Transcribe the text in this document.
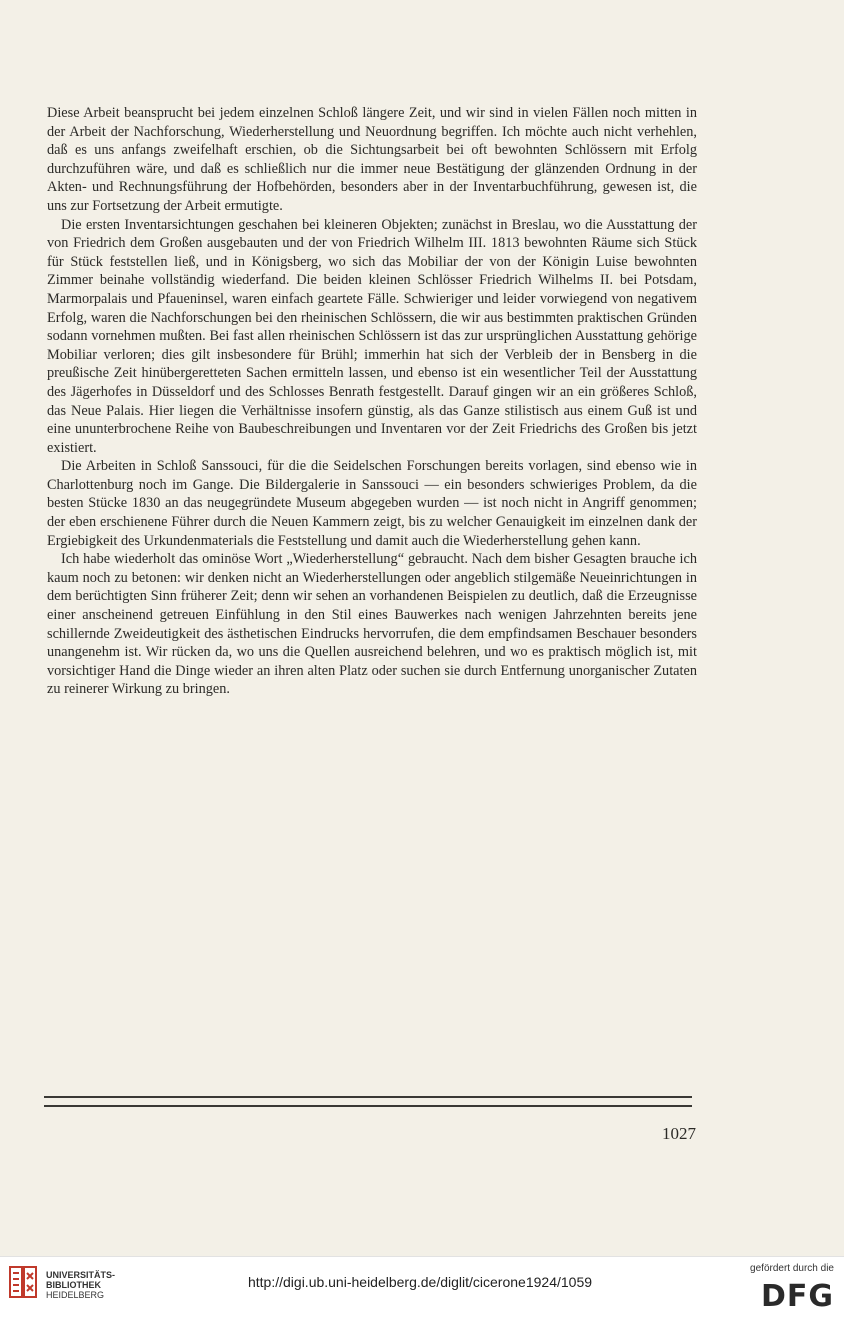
Diese Arbeit beansprucht bei jedem einzelnen Schloß längere Zeit, und wir sind in vielen Fällen noch mitten in der Arbeit der Nachforschung, Wiederherstellung und Neuordnung begriffen. Ich möchte auch nicht verhehlen, daß es uns anfangs zweifelhaft erschien, ob die Sichtungsarbeit bei oft bewohnten Schlössern mit Erfolg durchzuführen wäre, und daß es schließlich nur die immer neue Bestätigung der glänzenden Ordnung in der Akten- und Rechnungsführung der Hofbehörden, besonders aber in der Inventarbuchführung, gewesen ist, die uns zur Fortsetzung der Arbeit ermutigte.

Die ersten Inventarsichtungen geschahen bei kleineren Objekten; zunächst in Breslau, wo die Ausstattung der von Friedrich dem Großen ausgebauten und der von Friedrich Wilhelm III. 1813 bewohnten Räume sich Stück für Stück feststellen ließ, und in Königsberg, wo sich das Mobiliar der von der Königin Luise bewohnten Zimmer beinahe vollständig wiederfand. Die beiden kleinen Schlösser Friedrich Wilhelms II. bei Potsdam, Marmorpalais und Pfaueninsel, waren einfach geartete Fälle. Schwieriger und leider vorwiegend von negativem Erfolg, waren die Nachforschungen bei den rheinischen Schlössern, die wir aus bestimmten praktischen Gründen sodann vornehmen mußten. Bei fast allen rheinischen Schlössern ist das zur ursprünglichen Ausstattung gehörige Mobiliar verloren; dies gilt insbesondere für Brühl; immerhin hat sich der Verbleib der in Bensberg in die preußische Zeit hinübergeretteten Sachen ermitteln lassen, und ebenso ist ein wesentlicher Teil der Ausstattung des Jägerhofes in Düsseldorf und des Schlosses Benrath festgestellt. Darauf gingen wir an ein größeres Schloß, das Neue Palais. Hier liegen die Verhältnisse insofern günstig, als das Ganze stilistisch aus einem Guß ist und eine ununterbrochene Reihe von Baubeschreibungen und Inventaren vor der Zeit Friedrichs des Großen bis jetzt existiert.

Die Arbeiten in Schloß Sanssouci, für die die Seidelschen Forschungen bereits vorlagen, sind ebenso wie in Charlottenburg noch im Gange. Die Bildergalerie in Sanssouci — ein besonders schwieriges Problem, da die besten Stücke 1830 an das neugegründete Museum abgegeben wurden — ist noch nicht in Angriff genommen; der eben erschienene Führer durch die Neuen Kammern zeigt, bis zu welcher Genauigkeit im einzelnen dank der Ergiebigkeit des Urkundenmaterials die Feststellung und damit auch die Wiederherstellung gehen kann.

Ich habe wiederholt das ominöse Wort „Wiederherstellung“ gebraucht. Nach dem bisher Gesagten brauche ich kaum noch zu betonen: wir denken nicht an Wiederherstellungen oder angeblich stilgemäße Neueinrichtungen in dem berüchtigten Sinn früherer Zeit; denn wir sehen an vorhandenen Beispielen zu deutlich, daß die Erzeugnisse einer anscheinend getreuen Einfühlung in den Stil eines Bauwerkes nach wenigen Jahrzehnten bereits jene schillernde Zweideutigkeit des ästhetischen Eindrucks hervorrufen, die dem empfindsamen Beschauer besonders unangenehm ist. Wir rücken da, wo uns die Quellen ausreichend belehren, und wo es praktisch möglich ist, mit vorsichtiger Hand die Dinge wieder an ihren alten Platz oder suchen sie durch Entfernung unorganischer Zutaten zu reinerer Wirkung zu bringen.

1027
UNIVERSITÄTS-
BIBLIOTHEK
HEIDELBERG
http://digi.ub.uni-heidelberg.de/diglit/cicerone1924/1059
gefördert durch die
DFG
